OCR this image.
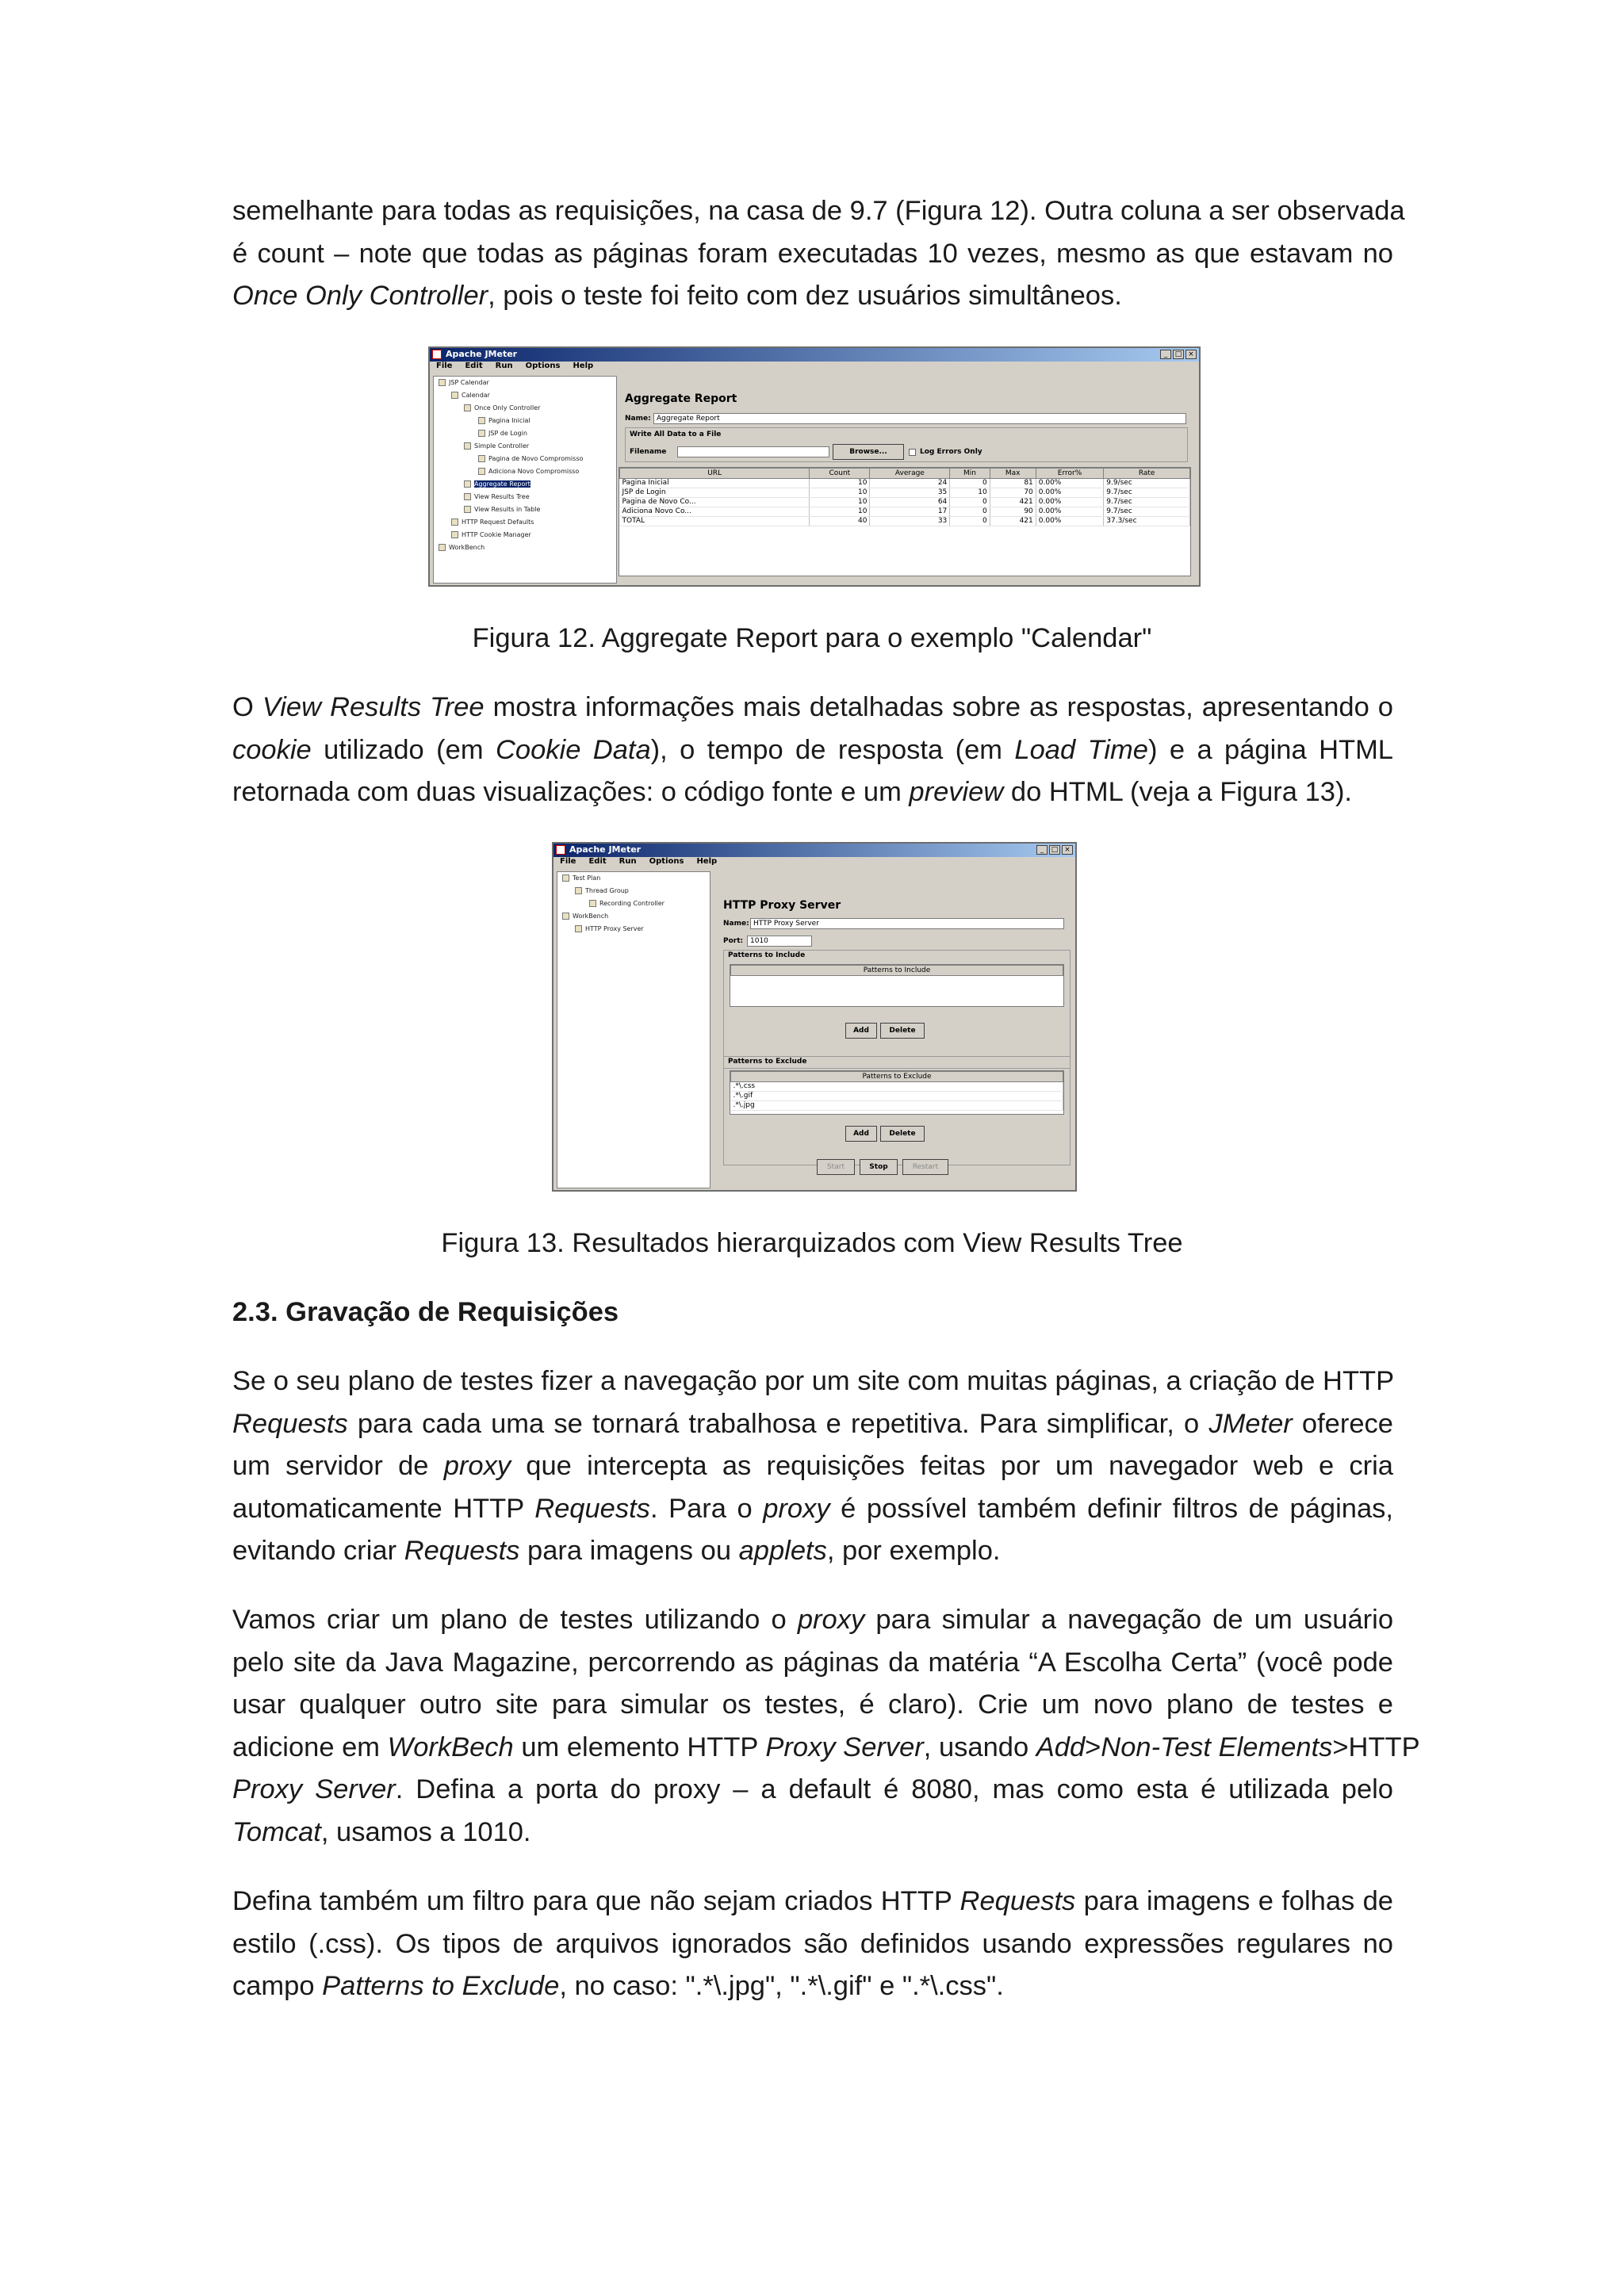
semelhante para todas as requisições, na casa de 9.7 (Figura 12). Outra coluna a ser observada
é count – note que todas as páginas foram executadas 10 vezes, mesmo as que estavam no
Once Only Controller, pois o teste foi feito com dez usuários simultâneos.
Apache JMeter	_	□ ×
File Edit Run Options Help
JSP Calendar
Calendar
Once Only Controller
Pagina Inicial
JSP de Login
Simple Controller
Pagina de Novo Compromisso
Adiciona Novo Compromisso
Aggregate Report
View Results Tree
View Results in Table
HTTP Request Defaults
HTTP Cookie Manager
WorkBench
Aggregate Report
Name: Aggregate Report
Write All Data to a File
Filename	Browse...	Log Errors Only
URL	Count	Average	Min	Max	Error%	Rate
Pagina Inicial	10	24	0	81	0.00%	9.9/sec
JSP de Login	10	35	10	70	0.00%	9.7/sec
Pagina de Novo Co...	10	64	0	421	0.00%	9.7/sec
Adiciona Novo Co...	10	17	0	90	0.00%	9.7/sec
TOTAL	40	33	0	421	0.00%	37.3/sec
Figura 12. Aggregate Report para o exemplo "Calendar"
O View Results Tree mostra informações mais detalhadas sobre as respostas, apresentando o
cookie utilizado (em Cookie Data), o tempo de resposta (em Load Time) e a página HTML
retornada com duas visualizações: o código fonte e um preview do HTML (veja a Figura 13).
Apache JMeter	_	□ ×
File Edit Run Options Help
Test Plan
Thread Group
Recording Controller
WorkBench
HTTP Proxy Server
HTTP Proxy Server
Name: HTTP Proxy Server
Port: 1010
Patterns to Include
Patterns to Include
Add	Delete
Patterns to Exclude
Patterns to Exclude
.*\.css
.*\.gif
.*\.jpg
Add	Delete
Start	Stop	Restart
Figura 13. Resultados hierarquizados com View Results Tree
2.3. Gravação de Requisições
Se o seu plano de testes fizer a navegação por um site com muitas páginas, a criação de HTTP
Requests para cada uma se tornará trabalhosa e repetitiva. Para simplificar, o JMeter oferece
um servidor de proxy que intercepta as requisições feitas por um navegador web e cria
automaticamente HTTP Requests. Para o proxy é possível também definir filtros de páginas,
evitando criar Requests para imagens ou applets, por exemplo.
Vamos criar um plano de testes utilizando o proxy para simular a navegação de um usuário
pelo site da Java Magazine, percorrendo as páginas da matéria “A Escolha Certa” (você pode
usar qualquer outro site para simular os testes, é claro). Crie um novo plano de testes e
adicione em WorkBech um elemento HTTP Proxy Server, usando Add>Non-Test Elements>HTTP
Proxy Server. Defina a porta do proxy – a default é 8080, mas como esta é utilizada pelo
Tomcat, usamos a 1010.
Defina também um filtro para que não sejam criados HTTP Requests para imagens e folhas de
estilo (.css). Os tipos de arquivos ignorados são definidos usando expressões regulares no
campo Patterns to Exclude, no caso: ".*\.jpg", ".*\.gif" e ".*\.css".
